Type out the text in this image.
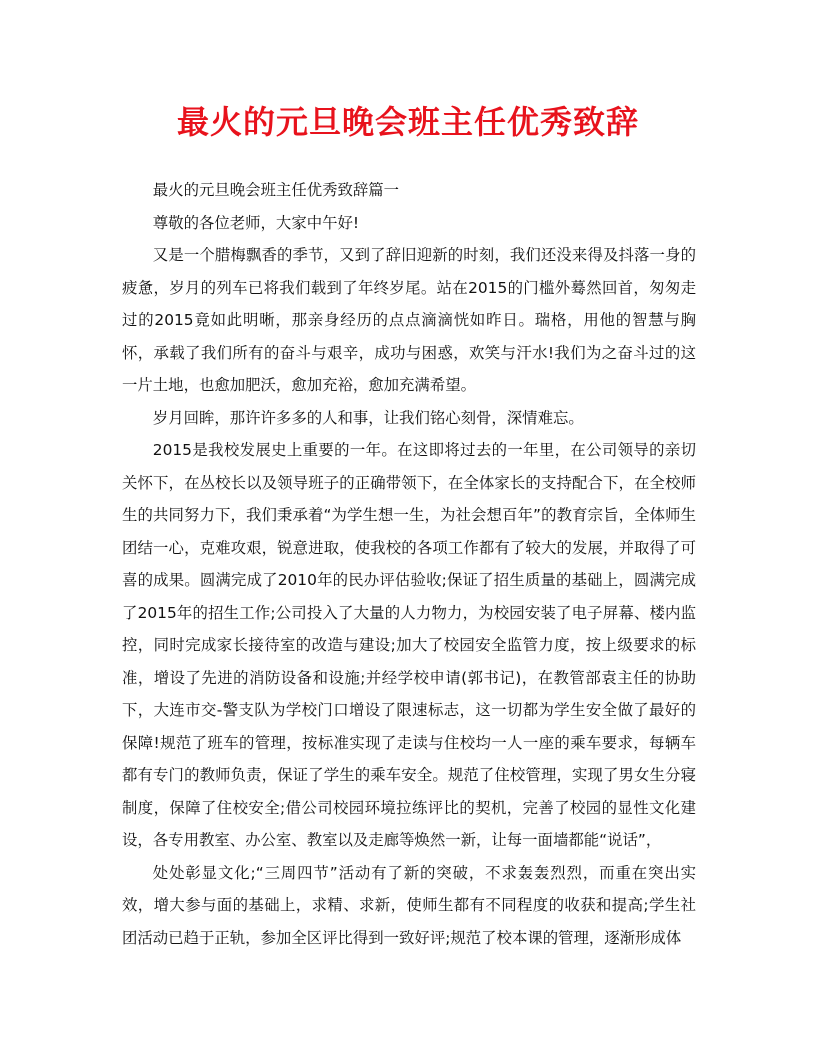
最火的元旦晚会班主任优秀致辞

最火的元旦晚会班主任优秀致辞篇一

尊敬的各位老师，大家中午好!

又是一个腊梅飘香的季节，又到了辞旧迎新的时刻，我们还没来得及抖落一身的疲惫，岁月的列车已将我们载到了年终岁尾。站在2015的门槛外蓦然回首，匆匆走过的2015竟如此明晰，那亲身经历的点点滴滴恍如昨日。瑞格，用他的智慧与胸怀，承载了我们所有的奋斗与艰辛，成功与困惑，欢笑与汗水!我们为之奋斗过的这一片土地，也愈加肥沃，愈加充裕，愈加充满希望。

岁月回眸，那许许多多的人和事，让我们铭心刻骨，深情难忘。

2015是我校发展史上重要的一年。在这即将过去的一年里，在公司领导的亲切关怀下，在丛校长以及领导班子的正确带领下，在全体家长的支持配合下，在全校师生的共同努力下，我们秉承着“为学生想一生，为社会想百年”的教育宗旨，全体师生团结一心，克难攻艰，锐意进取，使我校的各项工作都有了较大的发展，并取得了可喜的成果。圆满完成了2010年的民办评估验收;保证了招生质量的基础上，圆满完成了2015年的招生工作;公司投入了大量的人力物力，为校园安装了电子屏幕、楼内监控，同时完成家长接待室的改造与建设;加大了校园安全监管力度，按上级要求的标准，增设了先进的消防设备和设施;并经学校申请(郭书记)，在教管部袁主任的协助下，大连市交-警支队为学校门口增设了限速标志，这一切都为学生安全做了最好的保障!规范了班车的管理，按标准实现了走读与住校均一人一座的乘车要求，每辆车都有专门的教师负责，保证了学生的乘车安全。规范了住校管理，实现了男女生分寝制度，保障了住校安全;借公司校园环境拉练评比的契机，完善了校园的显性文化建设，各专用教室、办公室、教室以及走廊等焕然一新，让每一面墙都能“说话”，

处处彰显文化;“三周四节”活动有了新的突破，不求轰轰烈烈，而重在突出实效，增大参与面的基础上，求精、求新，使师生都有不同程度的收获和提高;学生社团活动已趋于正轨，参加全区评比得到一致好评;规范了校本课的管理，逐渐形成体
